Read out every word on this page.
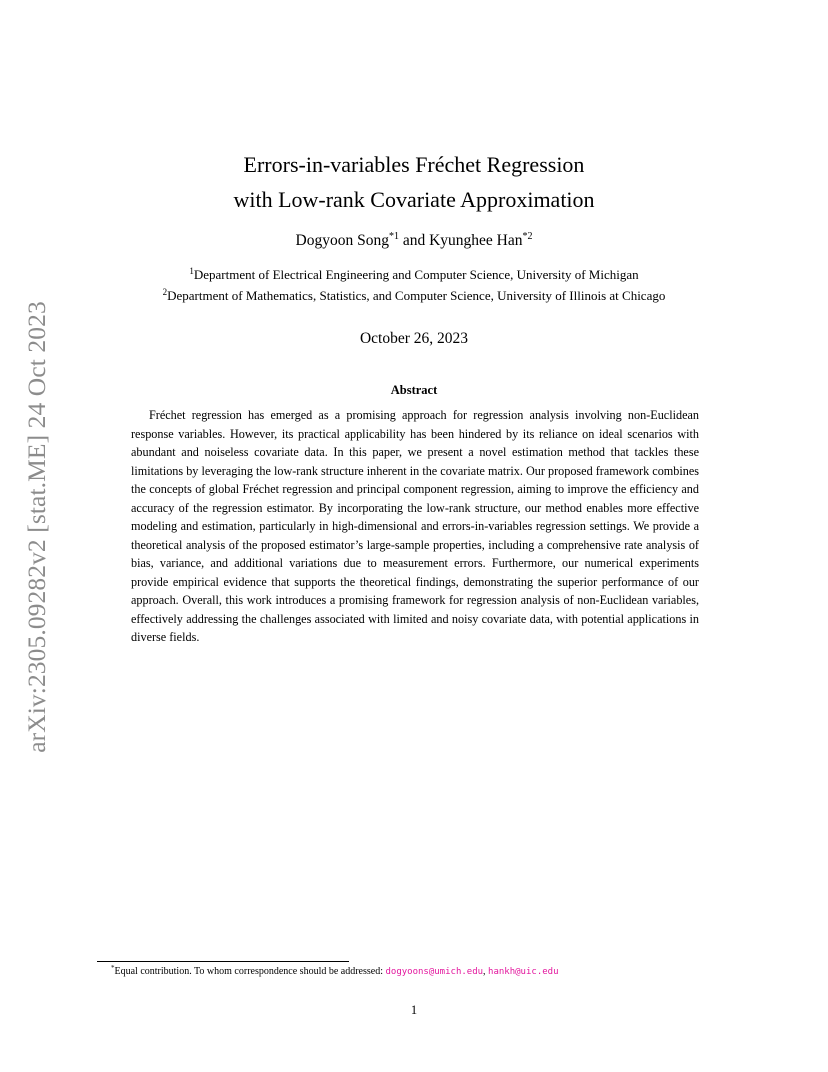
arXiv:2305.09282v2 [stat.ME] 24 Oct 2023
Errors-in-variables Fréchet Regression
with Low-rank Covariate Approximation
Dogyoon Song$^{*1}$ and Kyunghee Han$^{*2}$
$^1$Department of Electrical Engineering and Computer Science, University of Michigan
$^2$Department of Mathematics, Statistics, and Computer Science, University of Illinois at Chicago
October 26, 2023
Abstract

Fréchet regression has emerged as a promising approach for regression analysis involving non-Euclidean response variables. However, its practical applicability has been hindered by its reliance on ideal scenarios with abundant and noiseless covariate data. In this paper, we present a novel estimation method that tackles these limitations by leveraging the low-rank structure inherent in the covariate matrix. Our proposed framework combines the concepts of global Fréchet regression and principal component regression, aiming to improve the efficiency and accuracy of the regression estimator. By incorporating the low-rank structure, our method enables more effective modeling and estimation, particularly in high-dimensional and errors-in-variables regression settings. We provide a theoretical analysis of the proposed estimator’s large-sample properties, including a comprehensive rate analysis of bias, variance, and additional variations due to measurement errors. Furthermore, our numerical experiments provide empirical evidence that supports the theoretical findings, demonstrating the superior performance of our approach. Overall, this work introduces a promising framework for regression analysis of non-Euclidean variables, effectively addressing the challenges associated with limited and noisy covariate data, with potential applications in diverse fields.

*Equal contribution. To whom correspondence should be addressed: dogyoons@umich.edu, hankh@uic.edu
1
